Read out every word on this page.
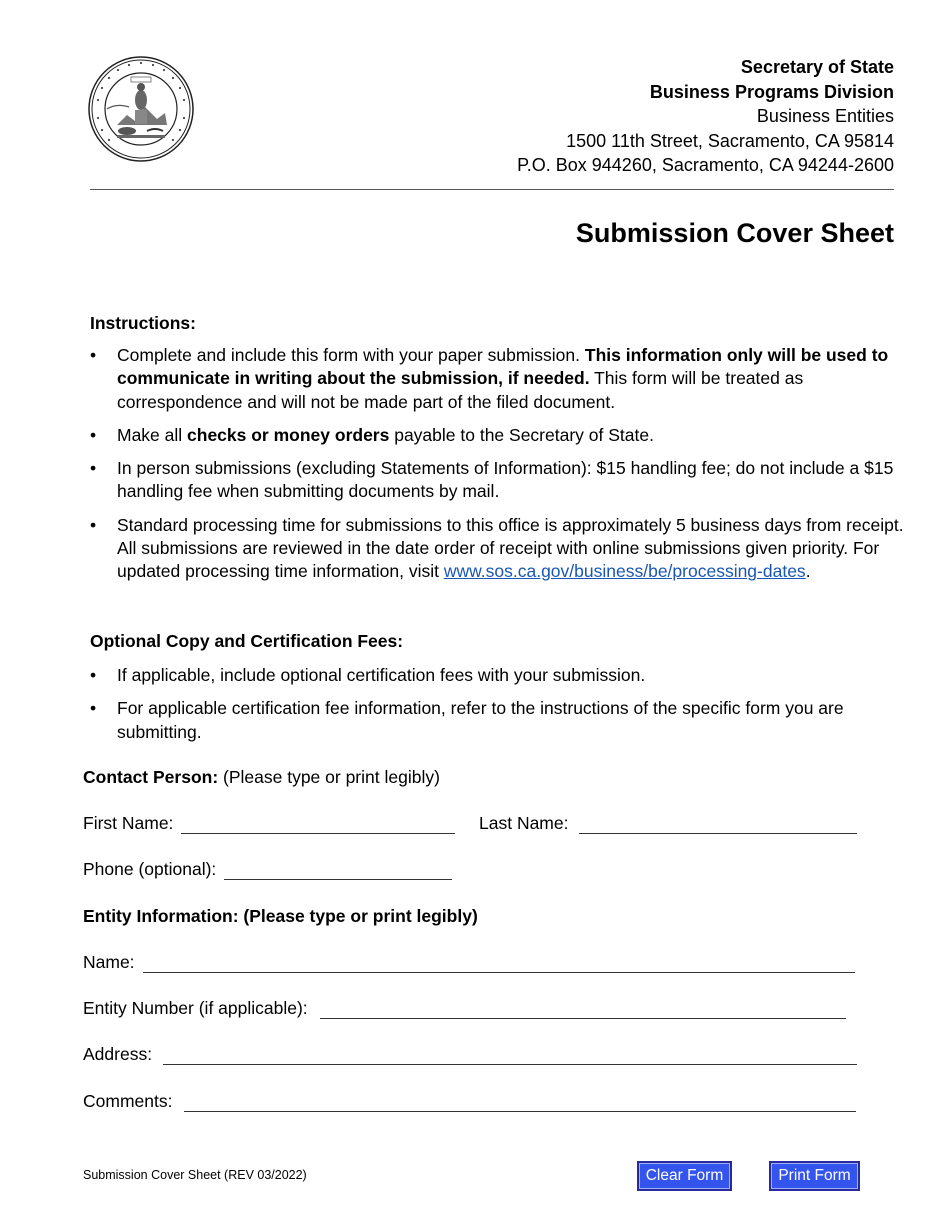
Secretary of State
Business Programs Division
Business Entities
1500 11th Street, Sacramento, CA 95814
P.O. Box 944260, Sacramento, CA 94244-2600
Submission Cover Sheet
Instructions:
• Complete and include this form with your paper submission. This information only will be used to communicate in writing about the submission, if needed. This form will be treated as correspondence and will not be made part of the filed document.
• Make all checks or money orders payable to the Secretary of State.
• In person submissions (excluding Statements of Information): $15 handling fee; do not include a $15 handling fee when submitting documents by mail.
• Standard processing time for submissions to this office is approximately 5 business days from receipt. All submissions are reviewed in the date order of receipt with online submissions given priority. For updated processing time information, visit www.sos.ca.gov/business/be/processing-dates.
Optional Copy and Certification Fees:
• If applicable, include optional certification fees with your submission.
• For applicable certification fee information, refer to the instructions of the specific form you are submitting.
Contact Person: (Please type or print legibly)
First Name:	Last Name:
Phone (optional):
Entity Information: (Please type or print legibly)
Name:
Entity Number (if applicable):
Address:
Comments:
Submission Cover Sheet (REV 03/2022)	Clear Form	Print Form
